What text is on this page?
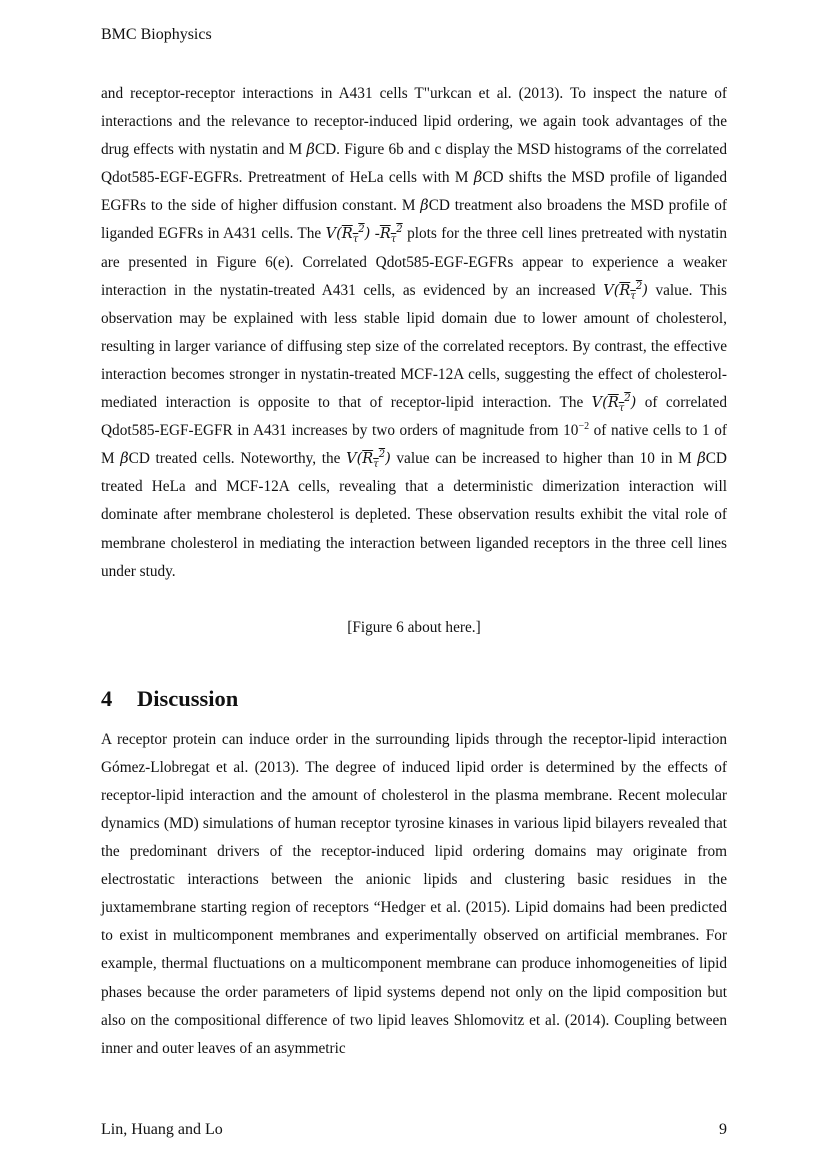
BMC Biophysics

and receptor-receptor interactions in A431 cells T"urkcan et al. (2013). To inspect the nature of interactions and the relevance to receptor-induced lipid ordering, we again took advantages of the drug effects with nystatin and M βCD. Figure 6b and c display the MSD histograms of the correlated Qdot585-EGF-EGFRs. Pretreatment of HeLa cells with M βCD shifts the MSD profile of liganded EGFRs to the side of higher diffusion constant. M βCD treatment also broadens the MSD profile of liganded EGFRs in A431 cells. The $V(R_\tau^2)$ $-R_\tau^2$ plots for the three cell lines pretreated with nystatin are presented in Figure 6(e). Correlated Qdot585-EGF-EGFRs appear to experience a weaker interaction in the nystatin-treated A431 cells, as evidenced by an increased $V(R_\tau^2)$ value. This observation may be explained with less stable lipid domain due to lower amount of cholesterol, resulting in larger variance of diffusing step size of the correlated receptors. By contrast, the effective interaction becomes stronger in nystatin-treated MCF-12A cells, suggesting the effect of cholesterol-mediated interaction is opposite to that of receptor-lipid interaction. The $V(R_\tau^2)$ of correlated Qdot585-EGF-EGFR in A431 increases by two orders of magnitude from $10^{-2}$ of native cells to 1 of M βCD treated cells. Noteworthy, the $V(R_\tau^2)$ value can be increased to higher than 10 in M βCD treated HeLa and MCF-12A cells, revealing that a deterministic dimerization interaction will dominate after membrane cholesterol is depleted. These observation results exhibit the vital role of membrane cholesterol in mediating the interaction between liganded receptors in the three cell lines under study.

[Figure 6 about here.]
4 Discussion

A receptor protein can induce order in the surrounding lipids through the receptor-lipid interaction Gómez-Llobregat et al. (2013). The degree of induced lipid order is determined by the effects of receptor-lipid interaction and the amount of cholesterol in the plasma membrane. Recent molecular dynamics (MD) simulations of human receptor tyrosine kinases in various lipid bilayers revealed that the predominant drivers of the receptor-induced lipid ordering domains may originate from electrostatic interactions between the anionic lipids and clustering basic residues in the juxtamembrane starting region of receptors “Hedger et al. (2015). Lipid domains had been predicted to exist in multicomponent membranes and experimentally observed on artificial membranes. For example, thermal fluctuations on a multicomponent membrane can produce inhomogeneities of lipid phases because the order parameters of lipid systems depend not only on the lipid composition but also on the compositional difference of two lipid leaves Shlomovitz et al. (2014). Coupling between inner and outer leaves of an asymmetric

Lin, Huang and Lo	9
